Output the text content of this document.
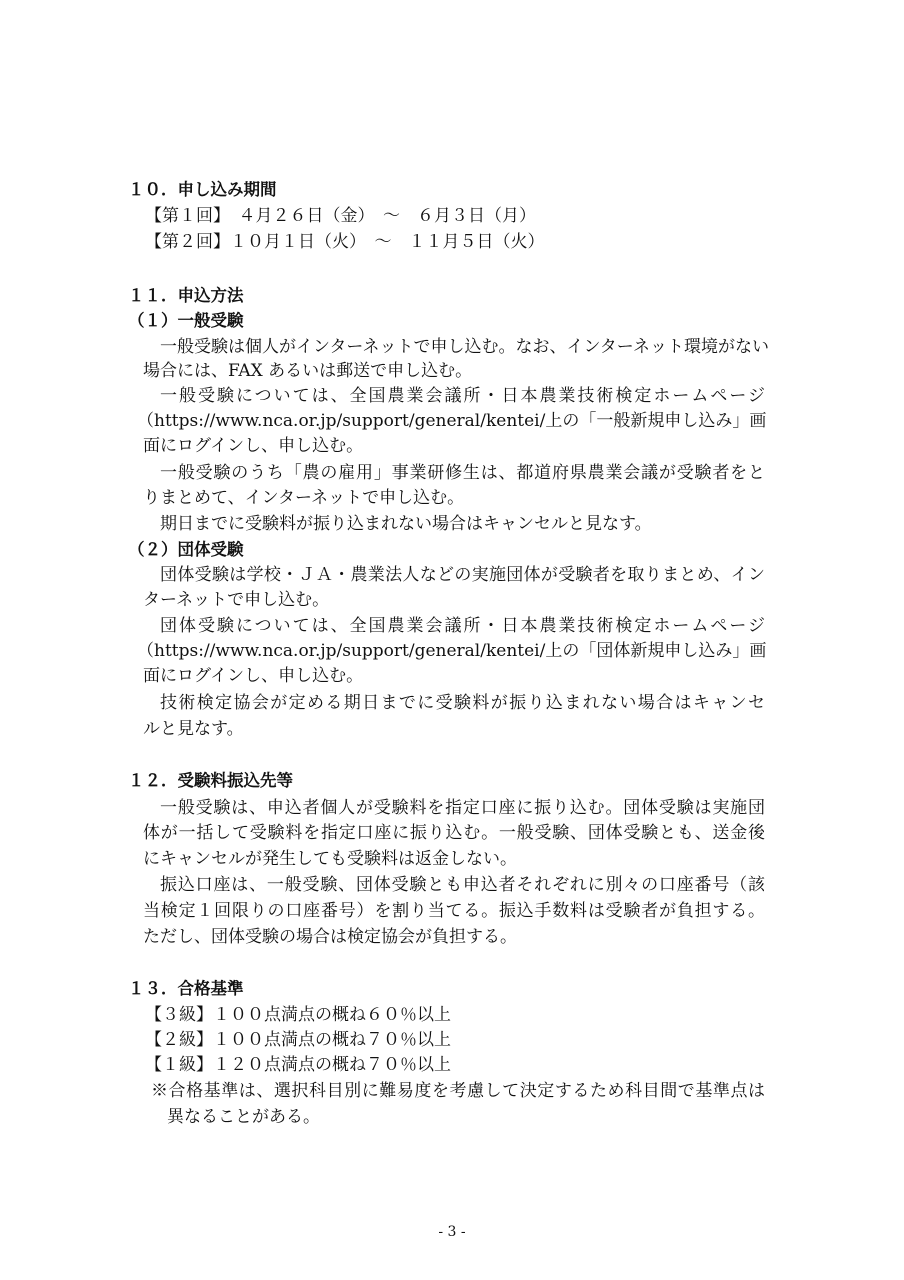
１０．申し込み期間
【第１回】　４月２６日（金）　～　６月３日（月）
【第２回】１０月１日（火）　～　１１月５日（火）
１１．申込方法
（１）一般受験
一般受験は個人がインターネットで申し込む。なお、インターネット環境がない
場合には、FAX あるいは郵送で申し込む。
一般受験については、全国農業会議所・日本農業技術検定ホームページ
（https://www.nca.or.jp/support/general/kentei/上の「一般新規申し込み」画
面にログインし、申し込む。
一般受験のうち「農の雇用」事業研修生は、都道府県農業会議が受験者をと
りまとめて、インターネットで申し込む。
期日までに受験料が振り込まれない場合はキャンセルと見なす。
（２）団体受験
団体受験は学校・ＪＡ・農業法人などの実施団体が受験者を取りまとめ、イン
ターネットで申し込む。
団体受験については、全国農業会議所・日本農業技術検定ホームページ
（https://www.nca.or.jp/support/general/kentei/上の「団体新規申し込み」画
面にログインし、申し込む。
技術検定協会が定める期日までに受験料が振り込まれない場合はキャンセ
ルと見なす。
１２．受験料振込先等
一般受験は、申込者個人が受験料を指定口座に振り込む。団体受験は実施団
体が一括して受験料を指定口座に振り込む。一般受験、団体受験とも、送金後
にキャンセルが発生しても受験料は返金しない。
振込口座は、一般受験、団体受験とも申込者それぞれに別々の口座番号（該
当検定１回限りの口座番号）を割り当てる。振込手数料は受験者が負担する。
ただし、団体受験の場合は検定協会が負担する。
１３．合格基準
【３級】１００点満点の概ね６０％以上
【２級】１００点満点の概ね７０％以上
【１級】１２０点満点の概ね７０％以上
※合格基準は、選択科目別に難易度を考慮して決定するため科目間で基準点は
異なることがある。
- 3 -
